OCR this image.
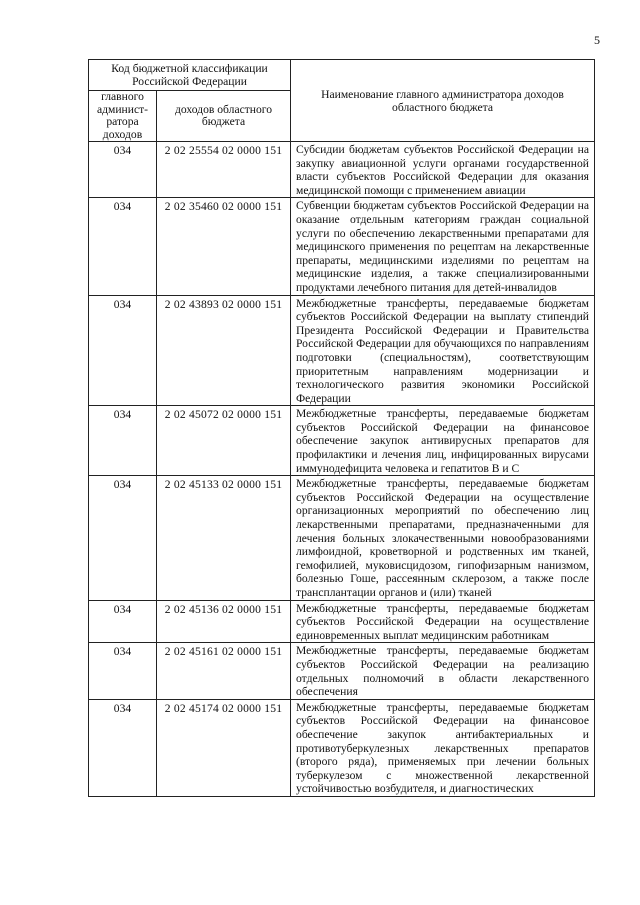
5
Код бюджетной классификации Российской Федерации		Наименование главного администратора доходов областного бюджета
главного админист-ратора доходов	доходов областного бюджета	
034	2 02 25554 02 0000 151	Субсидии бюджетам субъектов Российской Федерации на закупку авиационной услуги органами государственной власти субъектов Российской Федерации для оказания медицинской помощи с применением авиации
034	2 02 35460 02 0000 151	Субвенции бюджетам субъектов Российской Федерации на оказание отдельным категориям граждан социальной услуги по обеспечению лекарственными препаратами для медицинского применения по рецептам на лекарственные препараты, медицинскими изделиями по рецептам на медицинские изделия, а также специализированными продуктами лечебного питания для детей-инвалидов
034	2 02 43893 02 0000 151	Межбюджетные трансферты, передаваемые бюджетам субъектов Российской Федерации на выплату стипендий Президента Российской Федерации и Правительства Российской Федерации для обучающихся по направлениям подготовки (специальностям), соответствующим приоритетным направлениям модернизации и технологического развития экономики Российской Федерации
034	2 02 45072 02 0000 151	Межбюджетные трансферты, передаваемые бюджетам субъектов Российской Федерации на финансовое обеспечение закупок антивирусных препаратов для профилактики и лечения лиц, инфицированных вирусами иммунодефицита человека и гепатитов В и С
034	2 02 45133 02 0000 151	Межбюджетные трансферты, передаваемые бюджетам субъектов Российской Федерации на осуществление организационных мероприятий по обеспечению лиц лекарственными препаратами, предназначенными для лечения больных злокачественными новообразованиями лимфоидной, кроветворной и родственных им тканей, гемофилией, муковисцидозом, гипофизарным нанизмом, болезнью Гоше, рассеянным склерозом, а также после трансплантации органов и (или) тканей
034	2 02 45136 02 0000 151	Межбюджетные трансферты, передаваемые бюджетам субъектов Российской Федерации на осуществление единовременных выплат медицинским работникам
034	2 02 45161 02 0000 151	Межбюджетные трансферты, передаваемые бюджетам субъектов Российской Федерации на реализацию отдельных полномочий в области лекарственного обеспечения
034	2 02 45174 02 0000 151	Межбюджетные трансферты, передаваемые бюджетам субъектов Российской Федерации на финансовое обеспечение закупок антибактериальных и противотуберкулезных лекарственных препаратов (второго ряда), применяемых при лечении больных туберкулезом с множественной лекарственной устойчивостью возбудителя, и диагностических
